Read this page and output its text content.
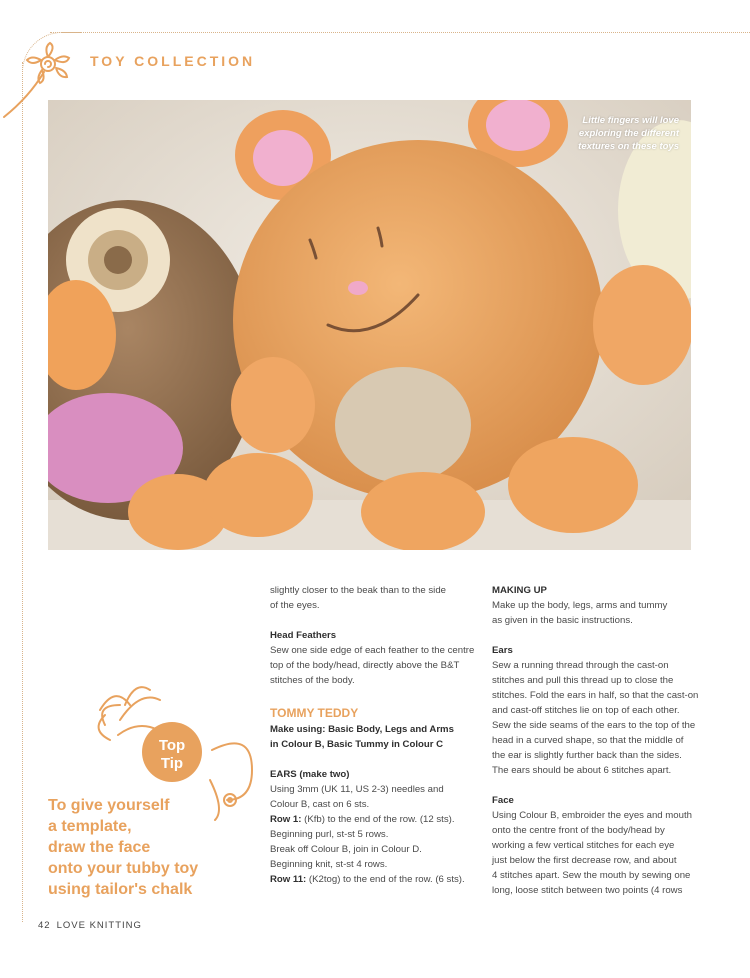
TOY COLLECTION
Little fingers will love exploring the different textures on these toys

slightly closer to the beak than to the side

of the eyes.

Head Feathers

Sew one side edge of each feather to the centre

top of the body/head, directly above the B&T

stitches of the body.

TOMMY TEDDY

Make using: Basic Body, Legs and Arms

in Colour B, Basic Tummy in Colour C

EARS (make two)

Using 3mm (UK 11, US 2-3) needles and

Colour B, cast on 6 sts.

Row 1: (Kfb) to the end of the row. (12 sts).

Beginning purl, st-st 5 rows.

Break off Colour B, join in Colour D.

Beginning knit, st-st 4 rows.

Row 11: (K2tog) to the end of the row. (6 sts).

MAKING UP

Make up the body, legs, arms and tummy

as given in the basic instructions.

Ears

Sew a running thread through the cast-on

stitches and pull this thread up to close the

stitches. Fold the ears in half, so that the cast-on

and cast-off stitches lie on top of each other.

Sew the side seams of the ears to the top of the

head in a curved shape, so that the middle of

the ear is slightly further back than the sides.

The ears should be about 6 stitches apart.

Face

Using Colour B, embroider the eyes and mouth

onto the centre front of the body/head by

working a few vertical stitches for each eye

just below the first decrease row, and about

4 stitches apart. Sew the mouth by sewing one

long, loose stitch between two points (4 rows

Top
Tip
To give yourself
a template,
draw the face
onto your tubby toy
using tailor's chalk
42 LOVE KNITTING
